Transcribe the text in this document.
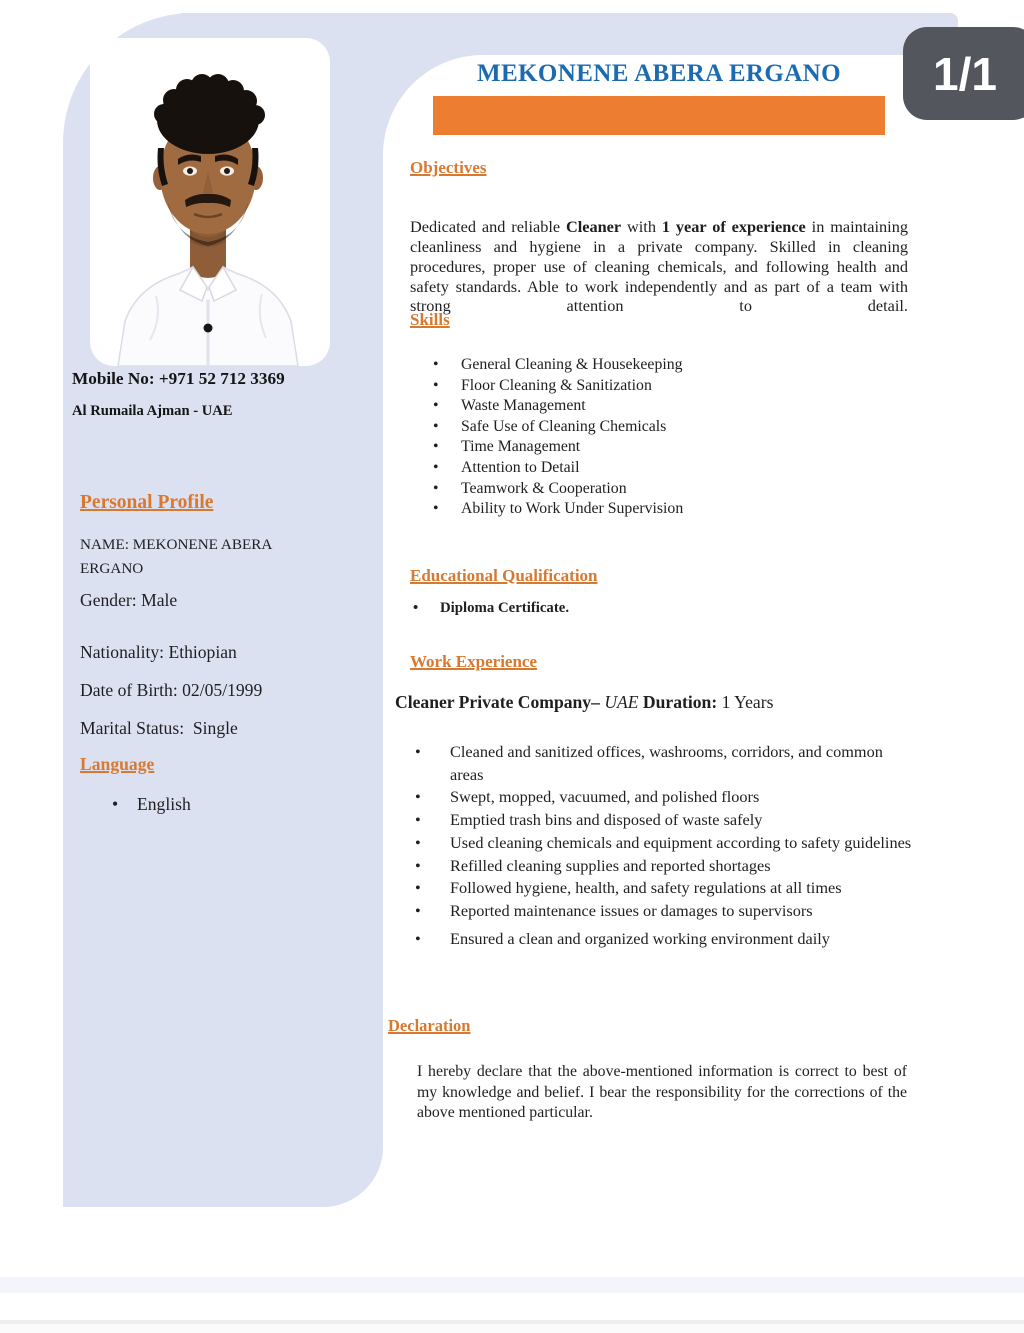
1/1
MEKONENE ABERA ERGANO
Objectives

Dedicated and reliable Cleaner with 1 year of experience in maintaining cleanliness and hygiene in a private company. Skilled in cleaning procedures, proper use of cleaning chemicals, and following health and safety standards. Able to work independently and as part of a team with strong attention to detail.

Skills
•
General Cleaning & Housekeeping
•
Floor Cleaning & Sanitization
•
Waste Management
•
Safe Use of Cleaning Chemicals
•
Time Management
•
Attention to Detail
•
Teamwork & Cooperation
•
Ability to Work Under Supervision
Educational Qualification
•
Diploma Certificate.
Work Experience
Cleaner Private Company– UAE Duration: 1 Years
•
Cleaned and sanitized offices, washrooms, corridors, and common areas
•
Swept, mopped, vacuumed, and polished floors
•
Emptied trash bins and disposed of waste safely
•
Used cleaning chemicals and equipment according to safety guidelines
•
Refilled cleaning supplies and reported shortages
•
Followed hygiene, health, and safety regulations at all times
•
Reported maintenance issues or damages to supervisors
•
Ensured a clean and organized working environment daily
Declaration

I hereby declare that the above-mentioned information is correct to best of my knowledge and belief. I bear the responsibility for the corrections of the above mentioned particular.

Mobile No: +971 52 712 3369
Al Rumaila Ajman - UAE
Personal Profile
NAME: MEKONENE ABERA ERGANO
Gender: Male
Nationality: Ethiopian
Date of Birth: 02/05/1999
Marital Status:  Single
Language
•
English
